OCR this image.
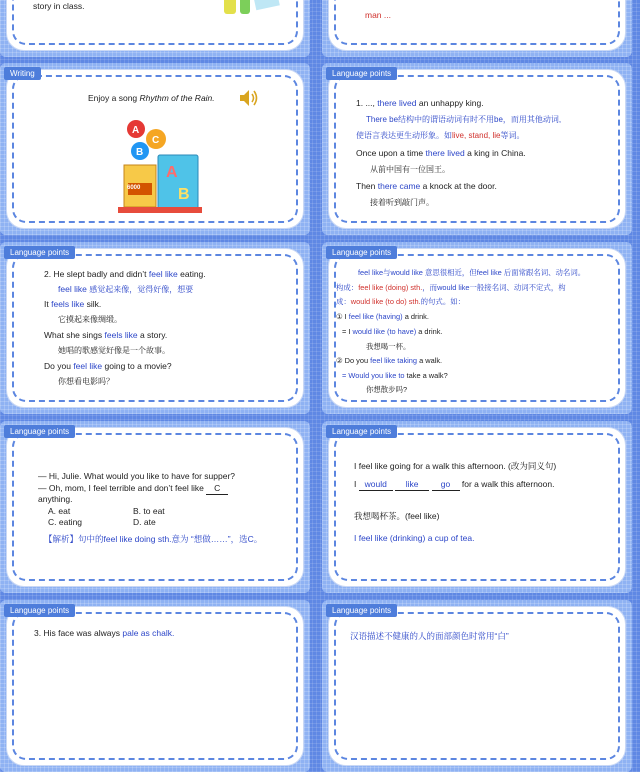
story in class.
man ...
Writing
Enjoy a song Rhythm of the Rain.
A
C
B
A
B
6000
Language points
1. ..., there lived an unhappy king.
There be结构中的谓语动词有时不用be，而用其他动词,
使语言表达更生动形象。如live, stand, lie等词。
Once upon a time there lived a king in China.
从前中国有一位国王。
Then there came a knock at the door.
接着听到敲门声。
Language points
2. He slept badly and didn’t feel like eating.
feel like 感觉起来像，觉得好像，想要
It feels like silk.
它摸起来像绸缎。
What she sings feels like a story.
她唱的歌感觉好像是一个故事。
Do you feel like going to a movie?
你想看电影吗？
Language points
feel like与would like 意思很相近，但feel like 后面常跟名词、动名词。
构成：feel like (doing) sth.，而would like一般接名词、动词不定式，构
成：would like (to do) sth.的句式。如：
① I feel like (having) a drink.
= I would like (to have) a drink.
我想喝一杯。
② Do you feel like taking a walk.
= Would you like to take a walk?
你想散步吗?
Language points
— Hi, Julie. What would you like to have for supper?
— Oh, mom, I feel terrible and don’t feel like C
anything.
A. eat	B. to eat
C. eating	D. ate
【解析】句中的feel like doing sth.意为 “想做……”，选C。
Language points
I feel like going for a walk this afternoon. (改为同义句)
I would like	go for a walk this afternoon.
我想喝杯茶。(feel like)
I feel like (drinking) a cup of tea.
Language points
3. His face was always pale as chalk.
Language points
汉语描述不健康的人的面部颜色时常用“白”
